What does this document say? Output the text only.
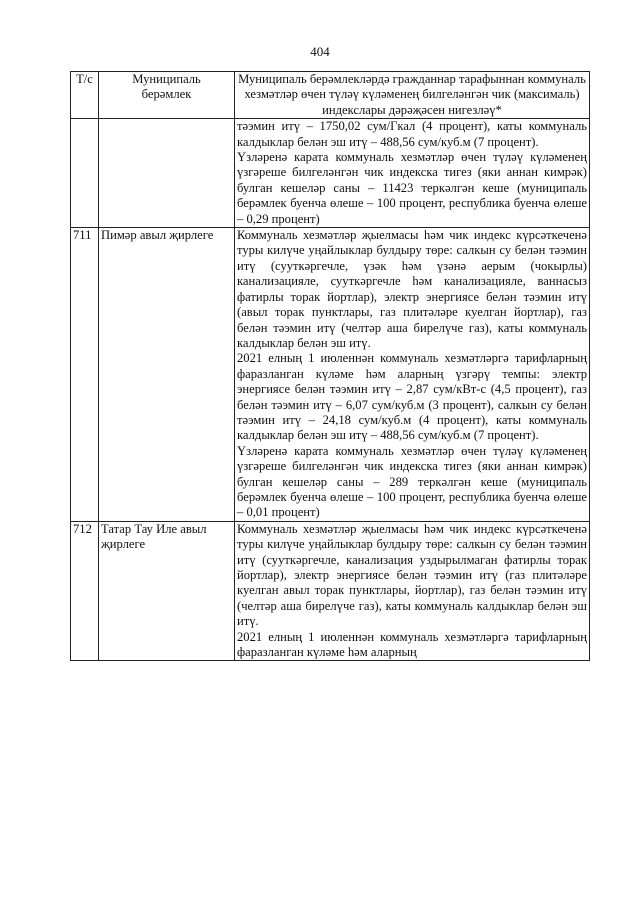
404
Т/с	Муниципаль берәмлек	Муниципаль берәмлекләрдә гражданнар тарафыннан коммуналь хезмәтләр өчен түләү күләменең билгеләнгән чик (максималь) индекслары дәрәҗәсен нигезләү*

		тәэмин итү – 1750,02 сум/Гкал (4 процент), каты коммуналь калдыклар белән эш итү – 488,56 сум/куб.м (7 процент).

Үзләренә карата коммуналь хезмәтләр өчен түләү күләменең үзгәреше билгеләнгән чик индекска тигез (яки аннан кимрәк) булган кешеләр саны – 11423 теркәлгән кеше (муниципаль берәмлек буенча өлеше – 100 процент, республика буенча өлеше – 0,29 процент)

711	Пимәр авыл җирлеге	Коммуналь хезмәтләр җыелмасы һәм чик индекс күрсәткеченә туры килүче уңайлыклар булдыру төре: салкын су белән тәэмин итү (сууткәргечле, үзәк һәм үзәнә аерым (чокырлы) канализацияле, сууткәргечле һәм канализацияле, ваннасыз фатирлы торак йортлар), электр энергиясе белән тәэмин итү (авыл торак пунктлары, газ плитәләре куелган йортлар), газ белән тәэмин итү (челтәр аша бирелүче газ), каты коммуналь калдыклар белән эш итү.

2021 елның 1 июленнән коммуналь хезмәтләргә тарифларның фаразланган күләме һәм аларның үзгәрү темпы: электр энергиясе белән тәэмин итү – 2,87 сум/кВт-с (4,5 процент), газ белән тәэмин итү – 6,07 сум/куб.м (3 процент), салкын су белән тәэмин итү – 24,18 сум/куб.м (4 процент), каты коммуналь калдыклар белән эш итү – 488,56 сум/куб.м (7 процент).

Үзләренә карата коммуналь хезмәтләр өчен түләү күләменең үзгәреше билгеләнгән чик индекска тигез (яки аннан кимрәк) булган кешеләр саны – 289 теркәлгән кеше (муниципаль берәмлек буенча өлеше – 100 процент, республика буенча өлеше – 0,01 процент)

712	Татар Тау Иле авыл җирлеге	Коммуналь хезмәтләр җыелмасы һәм чик индекс күрсәткеченә туры килүче уңайлыклар булдыру төре: салкын су белән тәэмин итү (сууткәргечле, канализация уздырылмаган фатирлы торак йортлар), электр энергиясе белән тәэмин итү (газ плитәләре куелган авыл торак пунктлары, йортлар), газ белән тәэмин итү (челтәр аша бирелүче газ), каты коммуналь калдыклар белән эш итү.

2021 елның 1 июленнән коммуналь хезмәтләргә тарифларның фаразланган күләме һәм аларның
